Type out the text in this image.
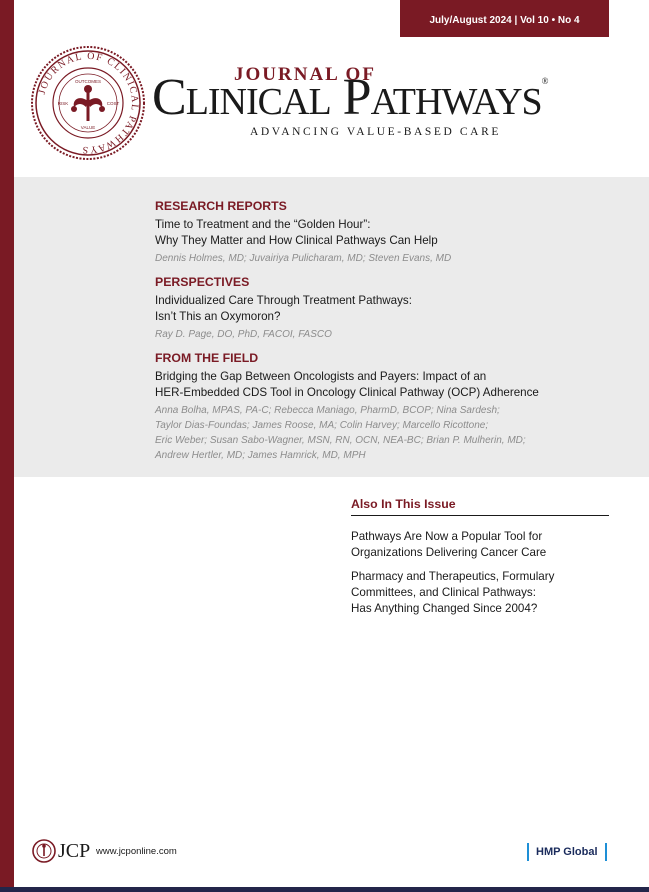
July/August 2024 | Vol 10 • No 4
JOURNAL OF CLINICAL PATHWAYS
OUTCOMES
VALUE
RISK	COST
JOURNAL OF
CLINICAL PATHWAYS®
ADVANCING VALUE-BASED CARE
RESEARCH REPORTS
Time to Treatment and the “Golden Hour”:
Why They Matter and How Clinical Pathways Can Help
Dennis Holmes, MD; Juvairiya Pulicharam, MD; Steven Evans, MD
PERSPECTIVES
Individualized Care Through Treatment Pathways:
Isn’t This an Oxymoron?
Ray D. Page, DO, PhD, FACOI, FASCO
FROM THE FIELD
Bridging the Gap Between Oncologists and Payers: Impact of an
HER-Embedded CDS Tool in Oncology Clinical Pathway (OCP) Adherence
Anna Bolha, MPAS, PA-C; Rebecca Maniago, PharmD, BCOP; Nina Sardesh;
Taylor Dias-Foundas; James Roose, MA; Colin Harvey; Marcello Ricottone;
Eric Weber; Susan Sabo-Wagner, MSN, RN, OCN, NEA-BC; Brian P. Mulherin, MD;
Andrew Hertler, MD; James Hamrick, MD, MPH
Also In This Issue
Pathways Are Now a Popular Tool for
Organizations Delivering Cancer Care
Pharmacy and Therapeutics, Formulary
Committees, and Clinical Pathways:
Has Anything Changed Since 2004?
JCP www.jcponline.com	HMP Global
